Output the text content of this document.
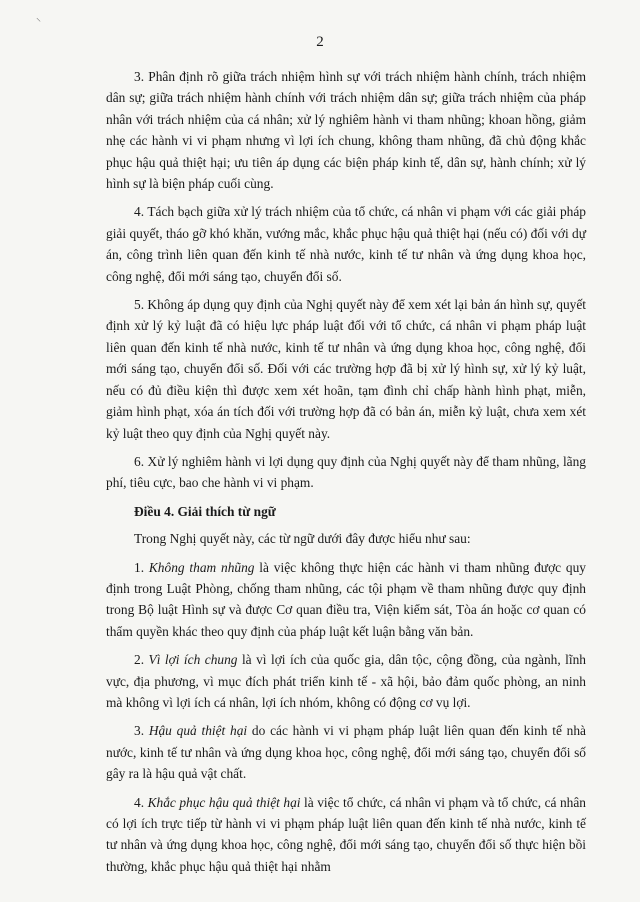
⸌
2

3. Phân định rõ giữa trách nhiệm hình sự với trách nhiệm hành chính, trách nhiệm dân sự; giữa trách nhiệm hành chính với trách nhiệm dân sự; giữa trách nhiệm của pháp nhân với trách nhiệm của cá nhân; xử lý nghiêm hành vi tham nhũng; khoan hồng, giảm nhẹ các hành vi vi phạm nhưng vì lợi ích chung, không tham nhũng, đã chủ động khắc phục hậu quả thiệt hại; ưu tiên áp dụng các biện pháp kinh tế, dân sự, hành chính; xử lý hình sự là biện pháp cuối cùng.

4. Tách bạch giữa xử lý trách nhiệm của tổ chức, cá nhân vi phạm với các giải pháp giải quyết, tháo gỡ khó khăn, vướng mắc, khắc phục hậu quả thiệt hại (nếu có) đối với dự án, công trình liên quan đến kinh tế nhà nước, kinh tế tư nhân và ứng dụng khoa học, công nghệ, đổi mới sáng tạo, chuyển đổi số.

5. Không áp dụng quy định của Nghị quyết này để xem xét lại bản án hình sự, quyết định xử lý kỷ luật đã có hiệu lực pháp luật đối với tổ chức, cá nhân vi phạm pháp luật liên quan đến kinh tế nhà nước, kinh tế tư nhân và ứng dụng khoa học, công nghệ, đổi mới sáng tạo, chuyển đổi số. Đối với các trường hợp đã bị xử lý hình sự, xử lý kỷ luật, nếu có đủ điều kiện thì được xem xét hoãn, tạm đình chỉ chấp hành hình phạt, miễn, giảm hình phạt, xóa án tích đối với trường hợp đã có bản án, miễn kỷ luật, chưa xem xét kỷ luật theo quy định của Nghị quyết này.

6. Xử lý nghiêm hành vi lợi dụng quy định của Nghị quyết này để tham nhũng, lãng phí, tiêu cực, bao che hành vi vi phạm.

Điều 4. Giải thích từ ngữ

Trong Nghị quyết này, các từ ngữ dưới đây được hiểu như sau:

1. Không tham nhũng là việc không thực hiện các hành vi tham nhũng được quy định trong Luật Phòng, chống tham nhũng, các tội phạm về tham nhũng được quy định trong Bộ luật Hình sự và được Cơ quan điều tra, Viện kiểm sát, Tòa án hoặc cơ quan có thẩm quyền khác theo quy định của pháp luật kết luận bằng văn bản.

2. Vì lợi ích chung là vì lợi ích của quốc gia, dân tộc, cộng đồng, của ngành, lĩnh vực, địa phương, vì mục đích phát triển kinh tế - xã hội, bảo đảm quốc phòng, an ninh mà không vì lợi ích cá nhân, lợi ích nhóm, không có động cơ vụ lợi.

3. Hậu quả thiệt hại do các hành vi vi phạm pháp luật liên quan đến kinh tế nhà nước, kinh tế tư nhân và ứng dụng khoa học, công nghệ, đổi mới sáng tạo, chuyển đổi số gây ra là hậu quả vật chất.

4. Khắc phục hậu quả thiệt hại là việc tổ chức, cá nhân vi phạm và tổ chức, cá nhân có lợi ích trực tiếp từ hành vi vi phạm pháp luật liên quan đến kinh tế nhà nước, kinh tế tư nhân và ứng dụng khoa học, công nghệ, đổi mới sáng tạo, chuyển đổi số thực hiện bồi thường, khắc phục hậu quả thiệt hại nhằm
